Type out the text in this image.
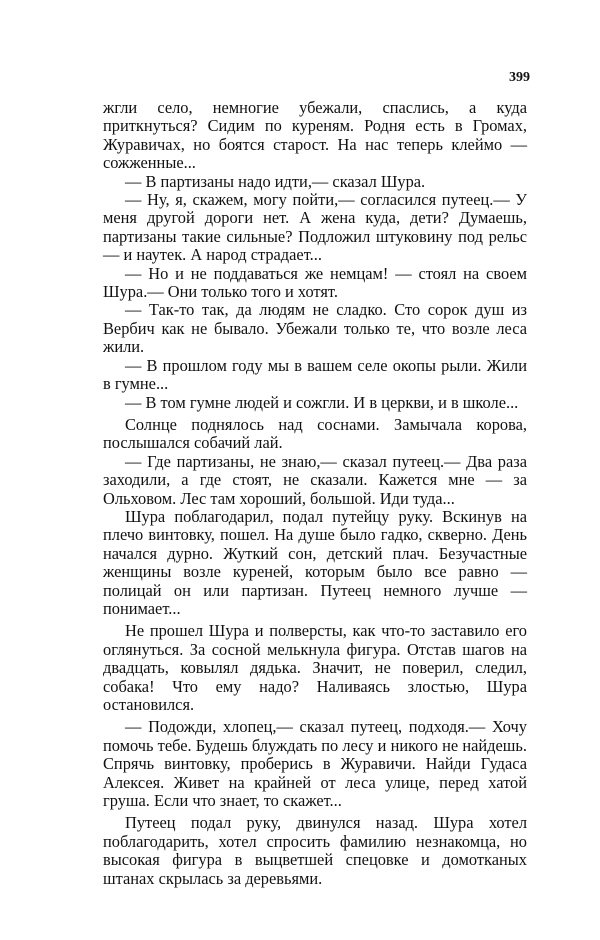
399

жгли село, немногие убежали, спаслись, а куда приткнуться? Сидим по куреням. Родня есть в Громах, Журавичах, но боятся старост. На нас теперь клеймо — сожженные...

— В партизаны надо идти,— сказал Шура.

— Ну, я, скажем, могу пойти,— согласился путеец.— У меня другой дороги нет. А жена куда, дети? Думаешь, партизаны такие сильные? Подложил штуковину под рельс — и наутек. А народ страдает...

— Но и не поддаваться же немцам! — стоял на своем Шура.— Они только того и хотят.

— Так-то так, да людям не сладко. Сто сорок душ из Вербич как не бывало. Убежали только те, что возле леса жили.

— В прошлом году мы в вашем селе окопы рыли. Жили в гумне...

— В том гумне людей и сожгли. И в церкви, и в школе...

Солнце поднялось над соснами. Замычала корова, послышался собачий лай.

— Где партизаны, не знаю,— сказал путеец.— Два раза заходили, а где стоят, не сказали. Кажется мне — за Ольховом. Лес там хороший, большой. Иди туда...

Шура поблагодарил, подал путейцу руку. Вскинув на плечо винтовку, пошел. На душе было гадко, скверно. День начался дурно. Жуткий сон, детский плач. Безучастные женщины возле куреней, которым было все равно — полицай он или партизан. Путеец немного лучше — понимает...

Не прошел Шура и полверсты, как что-то заставило его оглянуться. За сосной мелькнула фигура. Отстав шагов на двадцать, ковылял дядька. Значит, не поверил, следил, собака! Что ему надо? Наливаясь злостью, Шура остановился.

— Подожди, хлопец,— сказал путеец, подходя.— Хочу помочь тебе. Будешь блуждать по лесу и никого не найдешь. Спрячь винтовку, проберись в Журавичи. Найди Гудаса Алексея. Живет на крайней от леса улице, перед хатой груша. Если что знает, то скажет...

Путеец подал руку, двинулся назад. Шура хотел поблагодарить, хотел спросить фамилию незнакомца, но высокая фигура в выцветшей спецовке и домотканых штанах скрылась за деревьями.
